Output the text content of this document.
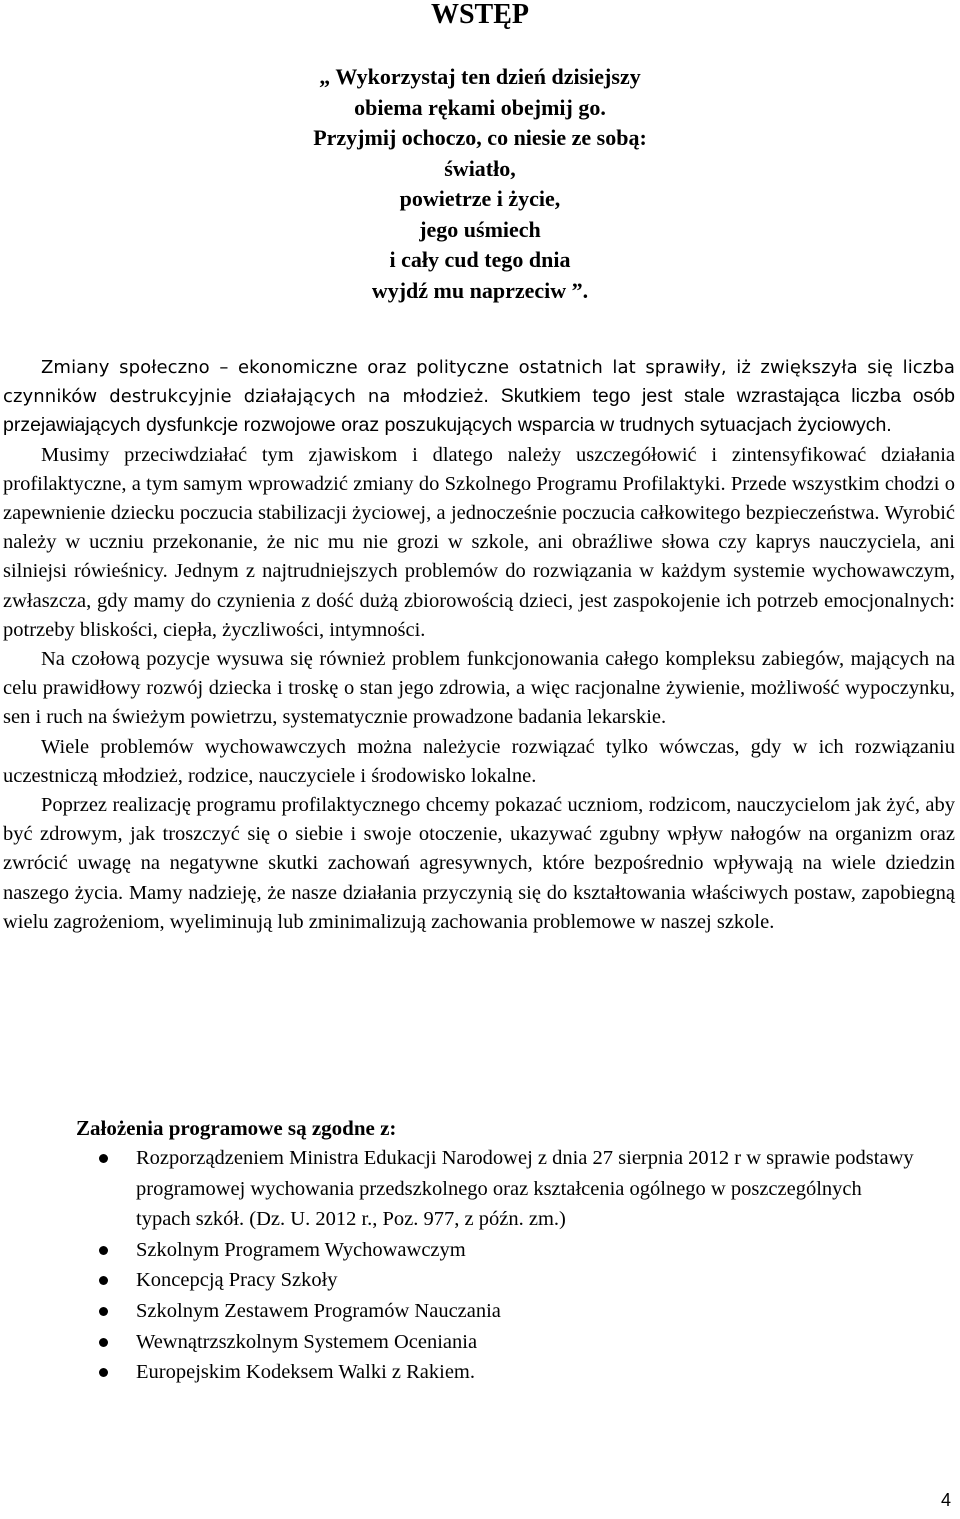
WSTĘP
„ Wykorzystaj ten dzień dzisiejszy
obiema rękami obejmij go.
Przyjmij ochoczo, co niesie ze sobą:
światło,
powietrze i życie,
jego uśmiech
i cały cud tego dnia
wyjdź mu naprzeciw ”.

Zmiany społeczno – ekonomiczne oraz polityczne ostatnich lat sprawiły, iż zwiększyła się liczba czynników destrukcyjnie działających na młodzież. Skutkiem tego jest stale wzrastająca liczba osób przejawiających dysfunkcje rozwojowe oraz poszukujących wsparcia w trudnych sytuacjach życiowych.

Musimy przeciwdziałać tym zjawiskom i dlatego należy uszczegółowić i zintensyfikować działania profilaktyczne, a tym samym wprowadzić zmiany do Szkolnego Programu Profilaktyki. Przede wszystkim chodzi o zapewnienie dziecku poczucia stabilizacji życiowej, a jednocześnie poczucia całkowitego bezpieczeństwa. Wyrobić należy w uczniu przekonanie, że nic mu nie grozi w szkole, ani obraźliwe słowa czy kaprys nauczyciela, ani silniejsi rówieśnicy. Jednym z najtrudniejszych problemów do rozwiązania w każdym systemie wychowawczym, zwłaszcza, gdy mamy do czynienia z dość dużą zbiorowością dzieci, jest zaspokojenie ich potrzeb emocjonalnych: potrzeby bliskości, ciepła, życzliwości, intymności.

Na czołową pozycje wysuwa się również problem funkcjonowania całego kompleksu zabiegów, mających na celu prawidłowy rozwój dziecka i troskę o stan jego zdrowia, a więc racjonalne żywienie, możliwość wypoczynku, sen i ruch na świeżym powietrzu, systematycznie prowadzone badania lekarskie.

Wiele problemów wychowawczych można należycie rozwiązać tylko wówczas, gdy w ich rozwiązaniu uczestniczą młodzież, rodzice, nauczyciele i środowisko lokalne.

Poprzez realizację programu profilaktycznego chcemy pokazać uczniom, rodzicom, nauczycielom jak żyć, aby być zdrowym, jak troszczyć się o siebie i swoje otoczenie, ukazywać zgubny wpływ nałogów na organizm oraz zwrócić uwagę na negatywne skutki zachowań agresywnych, które bezpośrednio wpływają na wiele dziedzin naszego życia. Mamy nadzieję, że nasze działania przyczynią się do kształtowania właściwych postaw, zapobiegną wielu zagrożeniom, wyeliminują lub zminimalizują zachowania problemowe w naszej szkole.

Założenia programowe są zgodne z:
Rozporządzeniem Ministra Edukacji Narodowej z dnia 27 sierpnia 2012 r w sprawie podstawy programowej wychowania przedszkolnego oraz kształcenia ogólnego w poszczególnych typach szkół. (Dz. U. 2012 r., Poz. 977, z późn. zm.)
Szkolnym Programem Wychowawczym
Koncepcją Pracy Szkoły
Szkolnym Zestawem Programów Nauczania
Wewnątrzszkolnym Systemem Oceniania
Europejskim Kodeksem Walki z Rakiem.
4
